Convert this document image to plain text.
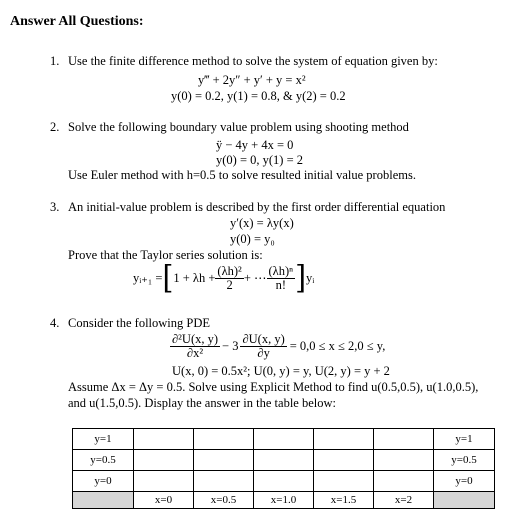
Answer All Questions:
1. Use the finite difference method to solve the system of equation given by:
y‴ + 2y″ + y′ + y = x²
y(0) = 0.2, y(1) = 0.8, & y(2) = 0.2
2. Solve the following boundary value problem using shooting method
ÿ − 4y + 4x = 0
y(0) = 0, y(1) = 2
Use Euler method with h=0.5 to solve resulted initial value problems.
3. An initial-value problem is described by the first order differential equation
y′(x) = λy(x)
y(0) = y₀
Prove that the Taylor series solution is:
yᵢ₊₁ = [ $1 + \lambda h + \frac{\text{(λh)²}}{2}$ + ⋯ $\frac{\text{(λh)ⁿ}}{n!}$ ] yᵢ
4. Consider the following PDE
$\frac{\text{∂²U(x, y)}}{\text{∂x²}} - 3 \frac{\partial U(x, y)}{\partial y} = 0,0 \le x \le 2,0 \le y$,
U(x, 0) = 0.5x²; U(0, y) = y, U(2, y) = y + 2
Assume Δx = Δy = 0.5. Solve using Explicit Method to find u(0.5,0.5), u(1.0,0.5),
and u(1.5,0.5). Display the answer in the table below:
y=1						y=1
y=0.5						y=0.5
y=0						y=0
	x=0	x=0.5	x=1.0	x=1.5	x=2	
